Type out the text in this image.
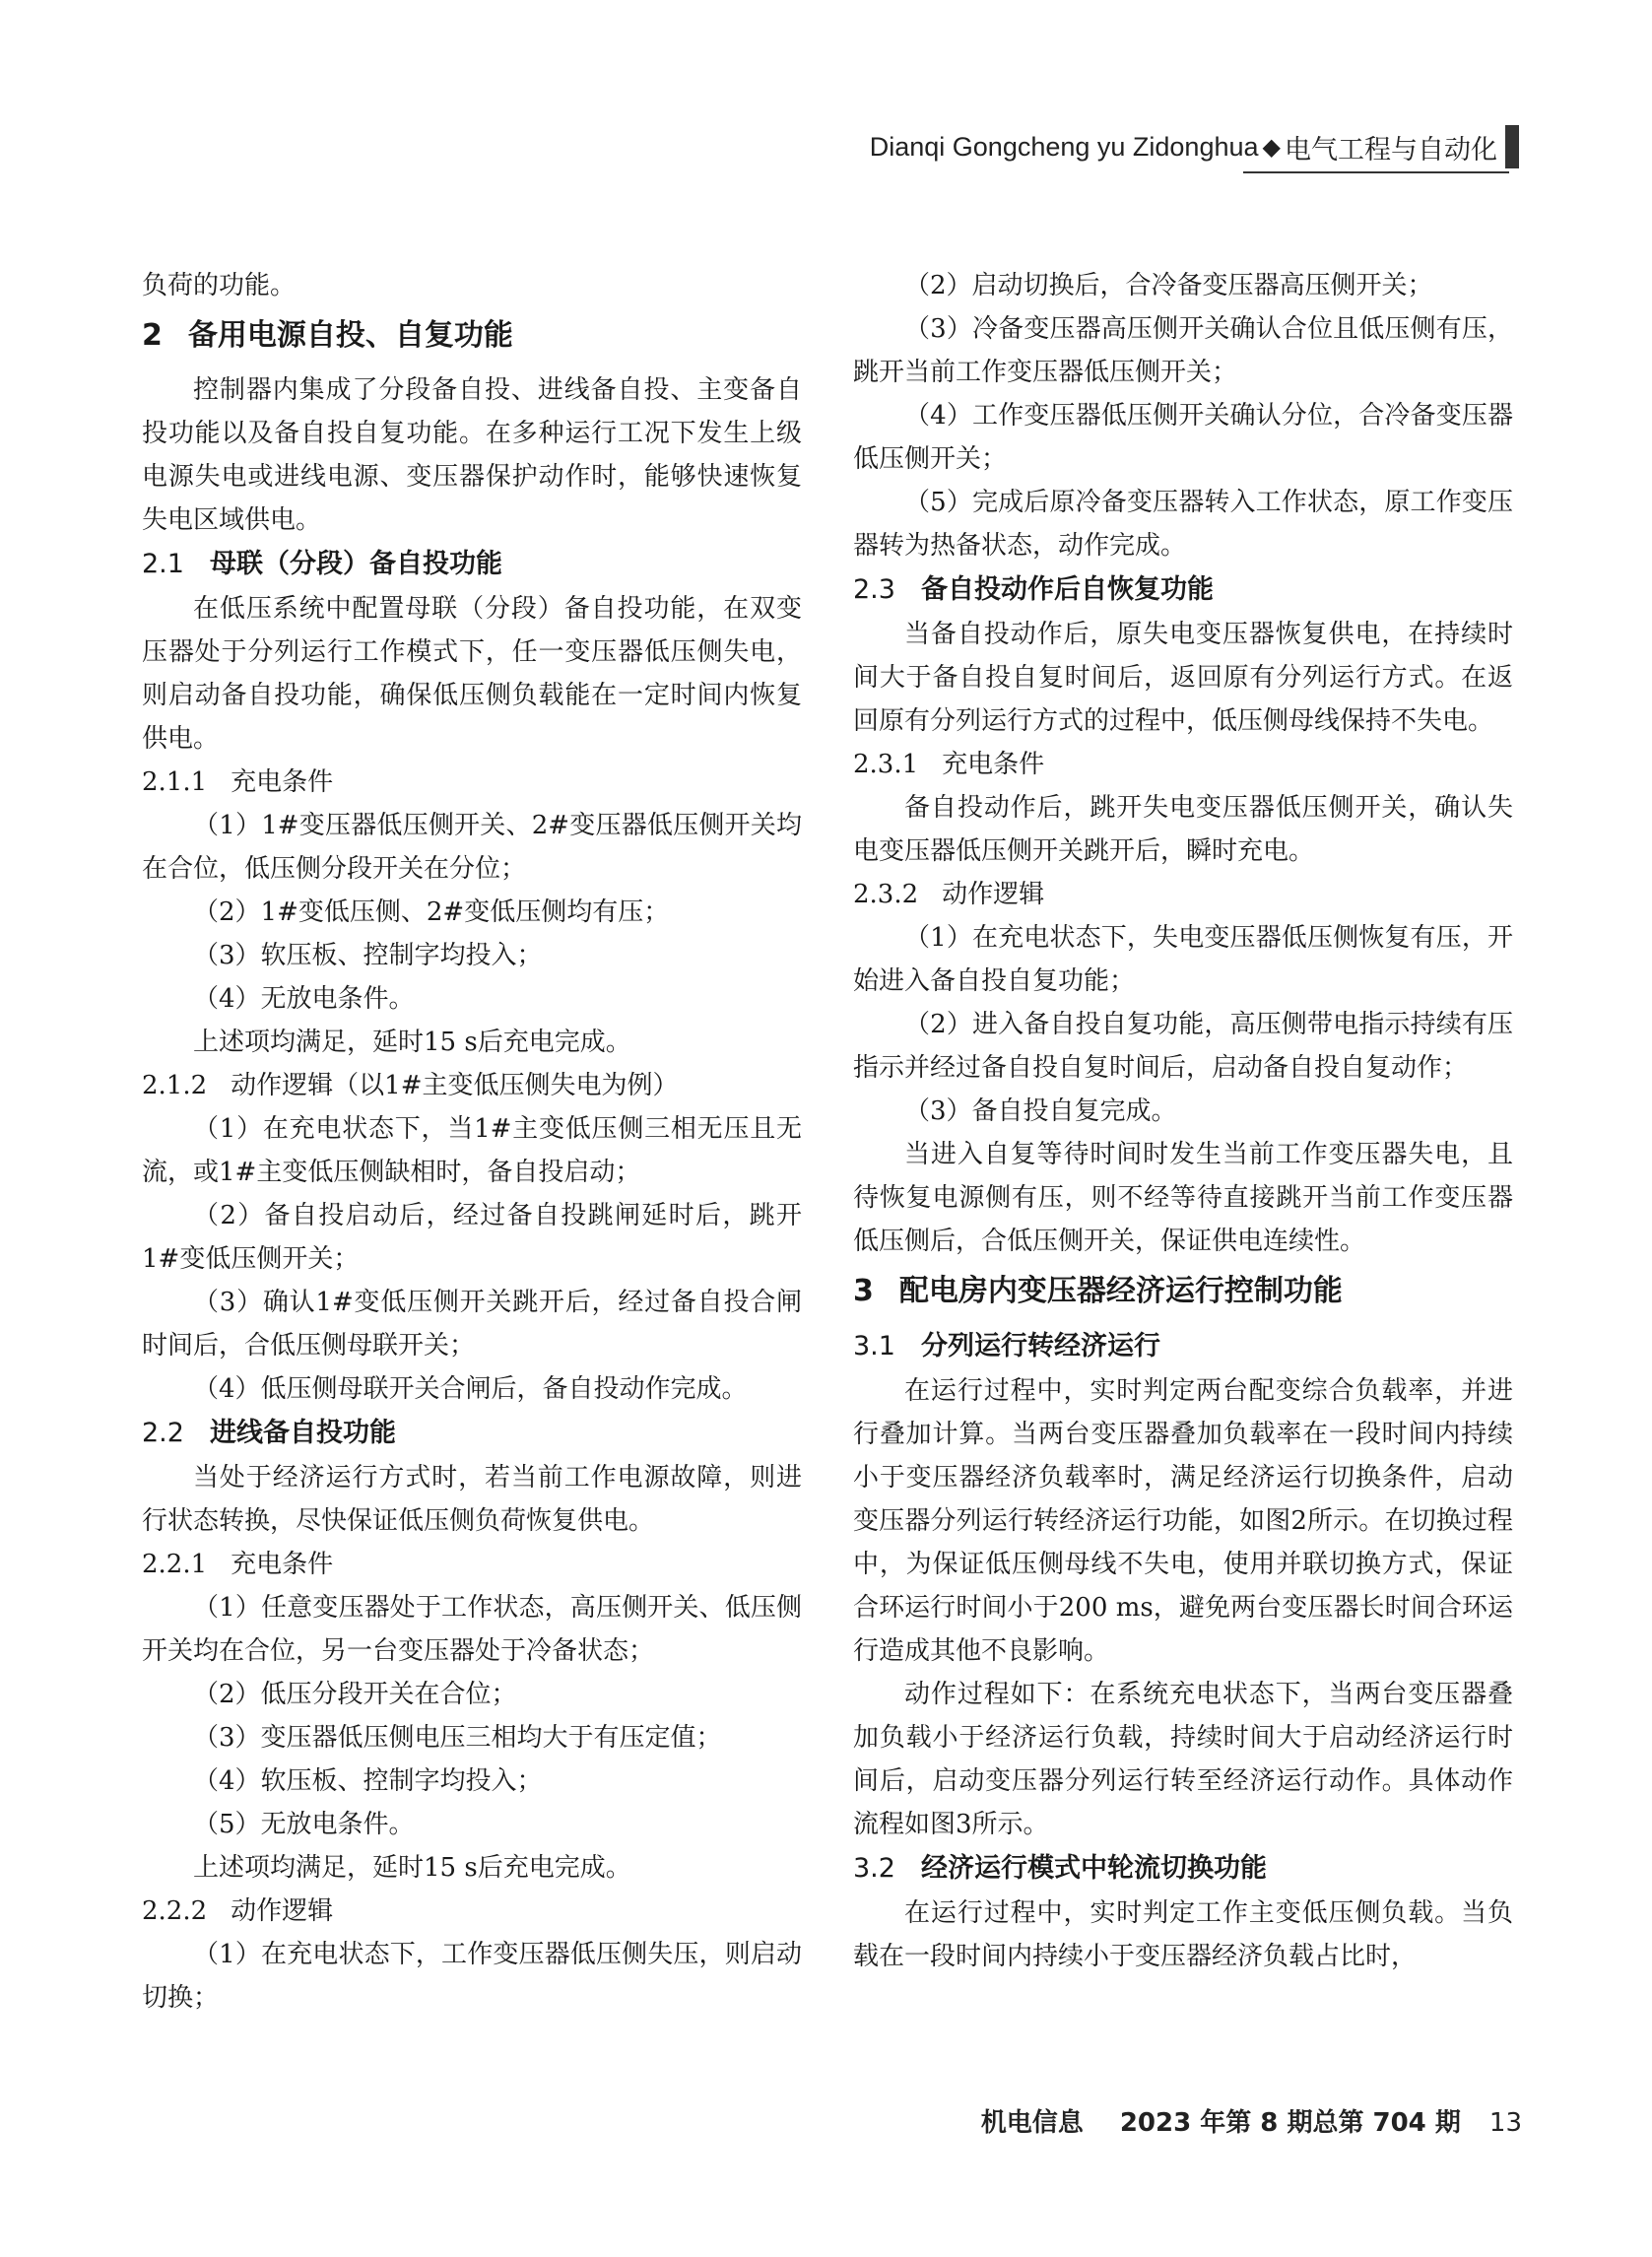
Dianqi Gongcheng yu Zidonghua ◆ 电气工程与自动化

负荷的功能。

2 备用电源自投、自复功能

控制器内集成了分段备自投、进线备自投、主变备自投功能以及备自投自复功能。在多种运行工况下发生上级电源失电或进线电源、变压器保护动作时，能够快速恢复失电区域供电。

2.1 母联（分段）备自投功能

在低压系统中配置母联（分段）备自投功能，在双变压器处于分列运行工作模式下，任一变压器低压侧失电，则启动备自投功能，确保低压侧负载能在一定时间内恢复供电。

2.1.1 充电条件

（1）1#变压器低压侧开关、2#变压器低压侧开关均在合位，低压侧分段开关在分位；

（2）1#变低压侧、2#变低压侧均有压；

（3）软压板、控制字均投入；

（4）无放电条件。

上述项均满足，延时15 s后充电完成。

2.1.2 动作逻辑（以1#主变低压侧失电为例）

（1）在充电状态下，当1#主变低压侧三相无压且无流，或1#主变低压侧缺相时，备自投启动；

（2）备自投启动后，经过备自投跳闸延时后，跳开1#变低压侧开关；

（3）确认1#变低压侧开关跳开后，经过备自投合闸时间后，合低压侧母联开关；

（4）低压侧母联开关合闸后，备自投动作完成。

2.2 进线备自投功能

当处于经济运行方式时，若当前工作电源故障，则进行状态转换，尽快保证低压侧负荷恢复供电。

2.2.1 充电条件

（1）任意变压器处于工作状态，高压侧开关、低压侧开关均在合位，另一台变压器处于冷备状态；

（2）低压分段开关在合位；

（3）变压器低压侧电压三相均大于有压定值；

（4）软压板、控制字均投入；

（5）无放电条件。

上述项均满足，延时15 s后充电完成。

2.2.2 动作逻辑

（1）在充电状态下，工作变压器低压侧失压，则启动切换；

（2）启动切换后，合冷备变压器高压侧开关；

（3）冷备变压器高压侧开关确认合位且低压侧有压，跳开当前工作变压器低压侧开关；

（4）工作变压器低压侧开关确认分位，合冷备变压器低压侧开关；

（5）完成后原冷备变压器转入工作状态，原工作变压器转为热备状态，动作完成。

2.3 备自投动作后自恢复功能

当备自投动作后，原失电变压器恢复供电，在持续时间大于备自投自复时间后，返回原有分列运行方式。在返回原有分列运行方式的过程中，低压侧母线保持不失电。

2.3.1 充电条件

备自投动作后，跳开失电变压器低压侧开关，确认失电变压器低压侧开关跳开后，瞬时充电。

2.3.2 动作逻辑

（1）在充电状态下，失电变压器低压侧恢复有压，开始进入备自投自复功能；

（2）进入备自投自复功能，高压侧带电指示持续有压指示并经过备自投自复时间后，启动备自投自复动作；

（3）备自投自复完成。

当进入自复等待时间时发生当前工作变压器失电，且待恢复电源侧有压，则不经等待直接跳开当前工作变压器低压侧后，合低压侧开关，保证供电连续性。

3 配电房内变压器经济运行控制功能
3.1 分列运行转经济运行

在运行过程中，实时判定两台配变综合负载率，并进行叠加计算。当两台变压器叠加负载率在一段时间内持续小于变压器经济负载率时，满足经济运行切换条件，启动变压器分列运行转经济运行功能，如图2所示。在切换过程中，为保证低压侧母线不失电，使用并联切换方式，保证合环运行时间小于200 ms，避免两台变压器长时间合环运行造成其他不良影响。

动作过程如下：在系统充电状态下，当两台变压器叠加负载小于经济运行负载，持续时间大于启动经济运行时间后，启动变压器分列运行转至经济运行动作。具体动作流程如图3所示。

3.2 经济运行模式中轮流切换功能

在运行过程中，实时判定工作主变低压侧负载。当负载在一段时间内持续小于变压器经济负载占比时，

机电信息 2023 年第 8 期总第 704 期 13
